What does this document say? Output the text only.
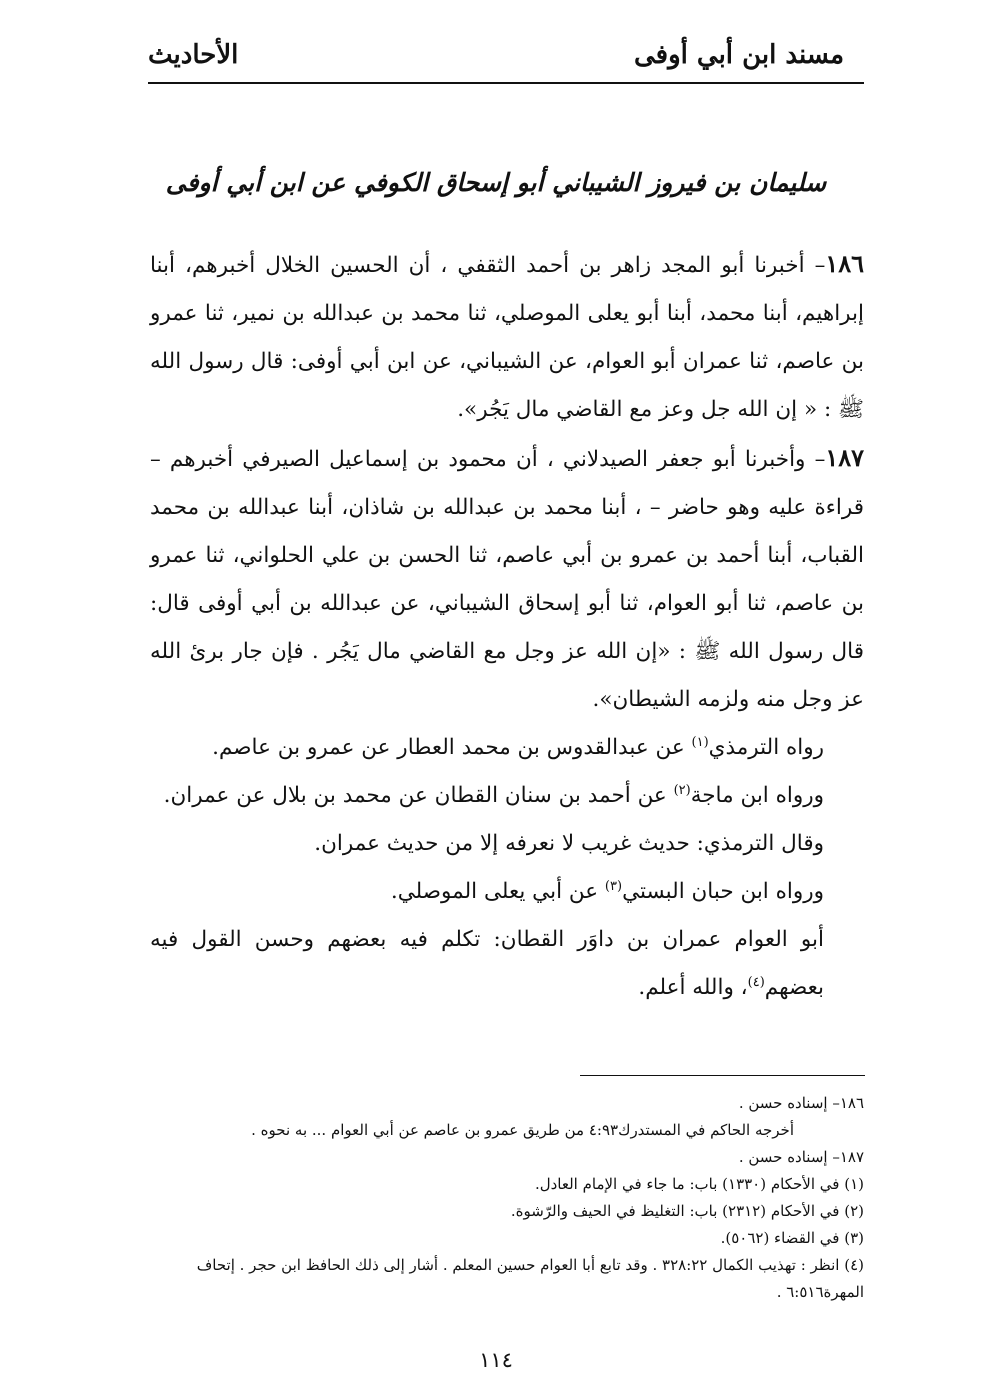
مسند ابن أبي أوفى
الأحاديث
سليمان بن فيروز الشيباني أبو إسحاق الكوفي عن ابن أبي أوفى

١٨٦– أخبرنا أبو المجد زاهر بن أحمد الثقفي ، أن الحسين الخلال أخبرهم، أبنا إبراهيم، أبنا محمد، أبنا أبو يعلى الموصلي، ثنا محمد بن عبدالله بن نمير، ثنا عمرو بن عاصم، ثنا عمران أبو العوام، عن الشيباني، عن ابن أبي أوفى: قال رسول الله ﷺ : « إن الله جل وعز مع القاضي مال يَجُر».

١٨٧– وأخبرنا أبو جعفر الصيدلاني ، أن محمود بن إسماعيل الصيرفي أخبرهم – قراءة عليه وهو حاضر – ، أبنا محمد بن عبدالله بن شاذان، أبنا عبدالله بن محمد القباب، أبنا أحمد بن عمرو بن أبي عاصم، ثنا الحسن بن علي الحلواني، ثنا عمرو بن عاصم، ثنا أبو العوام، ثنا أبو إسحاق الشيباني، عن عبدالله بن أبي أوفى قال: قال رسول الله ﷺ : «إن الله عز وجل مع القاضي مال يَجُر . فإن جار برئ الله عز وجل منه ولزمه الشيطان».

رواه الترمذي$^{(١)}$ عن عبدالقدوس بن محمد العطار عن عمرو بن عاصم.

ورواه ابن ماجة$^{(٢)}$ عن أحمد بن سنان القطان عن محمد بن بلال عن عمران.

وقال الترمذي: حديث غريب لا نعرفه إلا من حديث عمران.

ورواه ابن حبان البستي$^{(٣)}$ عن أبي يعلى الموصلي.

أبو العوام عمران بن داوَر القطان: تكلم فيه بعضهم وحسن القول فيه بعضهم$^{(٤)}$، والله أعلم.

١٨٦– إسناده حسن .

أخرجه الحاكم في المستدرك٤:٩٣ من طريق عمرو بن عاصم عن أبي العوام ... به نحوه .

١٨٧– إسناده حسن .

(١) في الأحكام (١٣٣٠) باب: ما جاء في الإمام العادل.

(٢) في الأحكام (٢٣١٢) باب: التغليظ في الحيف والرّشوة.

(٣) في القضاء (٥٠٦٢).

(٤) انظر : تهذيب الكمال ٣٢٨:٢٢ . وقد تابع أبا العوام حسين المعلم . أشار إلى ذلك الحافظ ابن حجر . إتحاف المهرة٦:٥١٦ .

١١٤
